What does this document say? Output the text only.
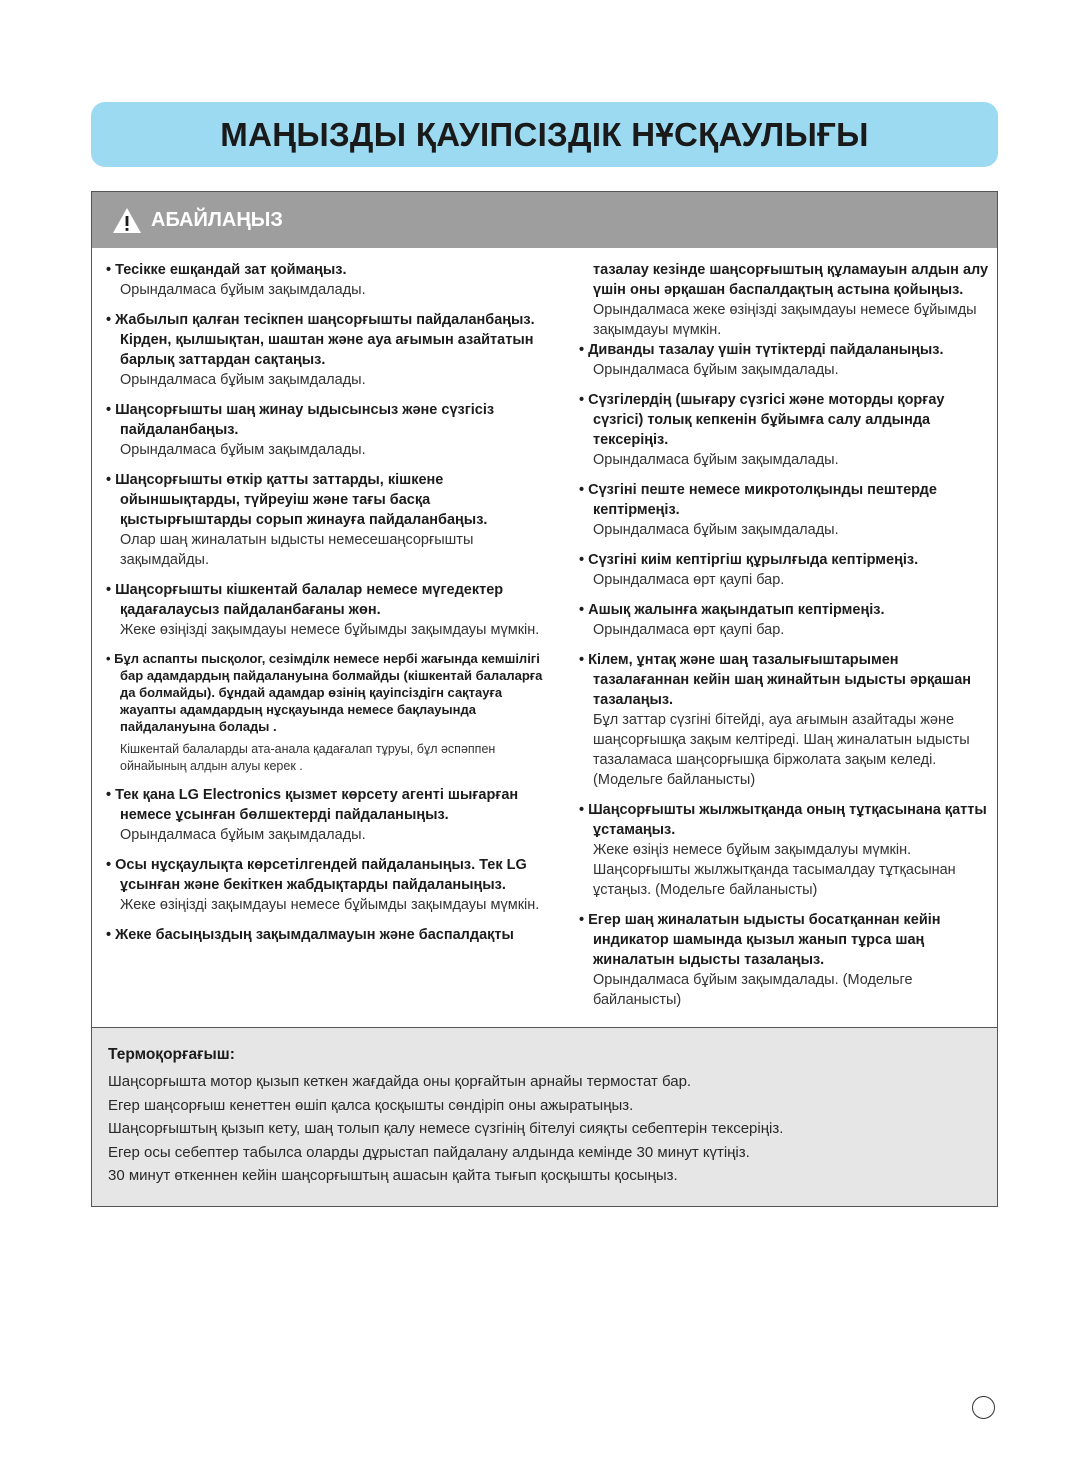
МАҢЫЗДЫ ҚАУІПСІЗДІК НҰСҚАУЛЫҒЫ
АБАЙЛАҢЫЗ
• Тесікке ешқандай зат қоймаңыз.
Орындалмаса бұйым зақымдалады.
• Жабылып қалған тесікпен шаңсорғышты пайдаланбаңыз. Кірден, қылшықтан, шаштан және ауа ағымын азайтатын барлық заттардан сақтаңыз.
Орындалмаса бұйым зақымдалады.
• Шаңсорғышты шаң жинау ыдысынсыз және сүзгісіз пайдаланбаңыз.
Орындалмаса бұйым зақымдалады.
• Шаңсорғышты өткір қатты заттарды, кішкене ойыншықтарды, түйреуіш және тағы басқа қыстырғыштарды сорып жинауға пайдаланбаңыз.
Олар шаң жиналатын ыдысты немесешаңсорғышты зақымдайды.
• Шаңсорғышты кішкентай балалар немесе мүгедектер қадағалаусыз пайдаланбағаны жөн.
Жеке өзіңізді зақымдауы немесе бұйымды зақымдауы мүмкін.
• Бұл аспапты пысқолог, сезімділк немесе нербі жағында кемшілігі бар адамдардың пайдалануына болмайды (кішкентай балаларға да болмайды). бұндай адамдар өзінің қауіпсіздігн сақтауға жауапты адамдардың нұсқауында немесе бақлауында пайдалануына болады .
Кішкентай балаларды ата-анала қадағалап тұруы, бұл әспәппен ойнайының алдын алуы керек .
• Тек қана LG Electronics қызмет көрсету агенті шығарған немесе ұсынған бөлшектерді пайдаланыңыз.
Орындалмаса бұйым зақымдалады.
• Осы нұсқаулықта көрсетілгендей пайдаланыңыз. Тек LG ұсынған және бекіткен жабдықтарды пайдаланыңыз.
Жеке өзіңізді зақымдауы немесе бұйымды зақымдауы мүмкін.
• Жеке басыңыздың зақымдалмауын және баспалдақты
тазалау кезінде шаңсорғыштың құламауын алдын алу үшін оны әрқашан баспалдақтың астына қойыңыз.
Орындалмаса жеке өзіңізді зақымдауы немесе бұйымды зақымдауы мүмкін.
• Диванды тазалау үшін түтіктерді пайдаланыңыз.
Орындалмаса бұйым зақымдалады.
• Сүзгілердің (шығару сүзгісі және моторды қорғау сүзгісі) толық кепкенін бұйымға салу алдында тексеріңіз.
Орындалмаса бұйым зақымдалады.
• Сүзгіні пеште немесе микротолқынды пештерде кептірмеңіз.
Орындалмаса бұйым зақымдалады.
• Сүзгіні киім кептіргіш құрылғыда кептірмеңіз.
Орындалмаса өрт қаупі бар.
• Ашық жалынға жақындатып кептірмеңіз.
Орындалмаса өрт қаупі бар.
• Кілем, ұнтақ және шаң тазалығыштарымен тазалағаннан кейін шаң жинайтын ыдысты әрқашан тазалаңыз.
Бұл заттар сүзгіні бітейді, ауа ағымын азайтады және шаңсорғышқа зақым келтіреді. Шаң жиналатын ыдысты тазаламаса шаңсорғышқа біржолата зақым келеді. (Модельге байланысты)
• Шаңсорғышты жылжытқанда оның тұтқасынана қатты ұстамаңыз.
Жеке өзіңіз немесе бұйым зақымдалуы мүмкін. Шаңсорғышты жылжытқанда тасымалдау тұтқасынан ұстаңыз. (Модельге байланысты)
• Егер шаң жиналатын ыдысты босатқаннан кейін индикатор шамында қызыл жанып тұрса шаң жиналатын ыдысты тазалаңыз.
Орындалмаса бұйым зақымдалады. (Модельге байланысты)
Термоқорғағыш:
Шаңсорғышта мотор қызып кеткен жағдайда оны қорғайтын арнайы термостат бар.
Егер шаңсорғыш кенеттен өшіп қалса қосқышты сөндіріп оны ажыратыңыз.
Шаңсорғыштың қызып кету, шаң толып қалу немесе сүзгінің бітелуі сияқты себептерін тексеріңіз.
Егер осы себептер табылса оларды дұрыстап пайдалану алдында кемінде 30 минут күтіңіз.
30 минут өткеннен кейін шаңсорғыштың ашасын қайта тығып қосқышты қосыңыз.
